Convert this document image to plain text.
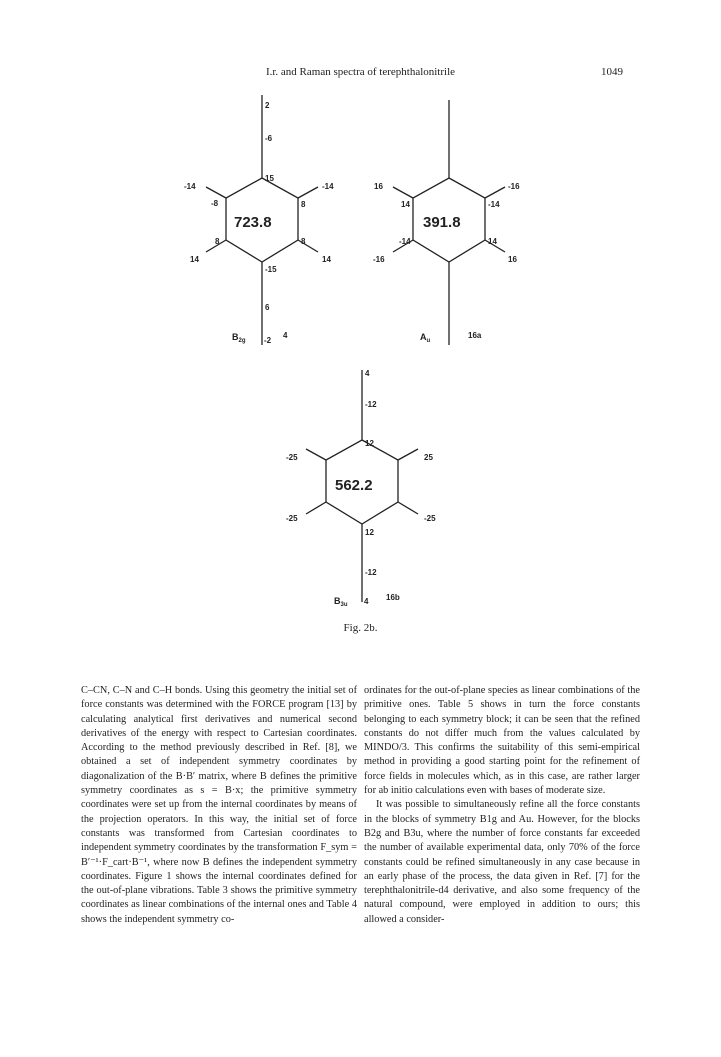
I.r. and Raman spectra of terephthalonitrile	1049
2
-6
15
-14
-8
-14
8
8	8
14
-15
14
6
-2
723.8
$B_{2g}$
4
16
14
-16
-14
-14	14
-16	16
391.8
$A_u$
16a
4
-12
12
-25	25
-25	-25
12
-12
4
562.2
$B_{3u}$
16b
Fig. 2b.

C–CN, C–N and C–H bonds. Using this geometry the initial set of force constants was determined with the FORCE program [13] by calculating analytical first derivatives and numerical second derivatives of the energy with respect to Cartesian coordinates. According to the method previously described in Ref. [8], we obtained a set of independent symmetry coordinates by diagonalization of the B·B′ matrix, where B defines the primitive symmetry coordinates as s = B·x; the primitive symmetry coordinates were set up from the internal coordinates by means of the projection operators. In this way, the initial set of force constants was transformed from Cartesian coordinates to independent symmetry coordinates by the transformation F_sym = B′⁻¹·F_cart·B⁻¹, where now B defines the independent symmetry coordinates. Figure 1 shows the internal coordinates defined for the out-of-plane vibrations. Table 3 shows the primitive symmetry coordinates as linear combinations of the internal ones and Table 4 shows the independent symmetry co-

ordinates for the out-of-plane species as linear combinations of the primitive ones. Table 5 shows in turn the force constants belonging to each symmetry block; it can be seen that the refined constants do not differ much from the values calculated by MINDO/3. This confirms the suitability of this semi-empirical method in providing a good starting point for the refinement of force fields in molecules which, as in this case, are rather larger for ab initio calculations even with bases of moderate size.

It was possible to simultaneously refine all the force constants in the blocks of symmetry B1g and Au. However, for the blocks B2g and B3u, where the number of force constants far exceeded the number of available experimental data, only 70% of the force constants could be refined simultaneously in any case because in an early phase of the process, the data given in Ref. [7] for the terephthalonitrile-d4 derivative, and also some frequency of the natural compound, were employed in addition to ours; this allowed a consider-
